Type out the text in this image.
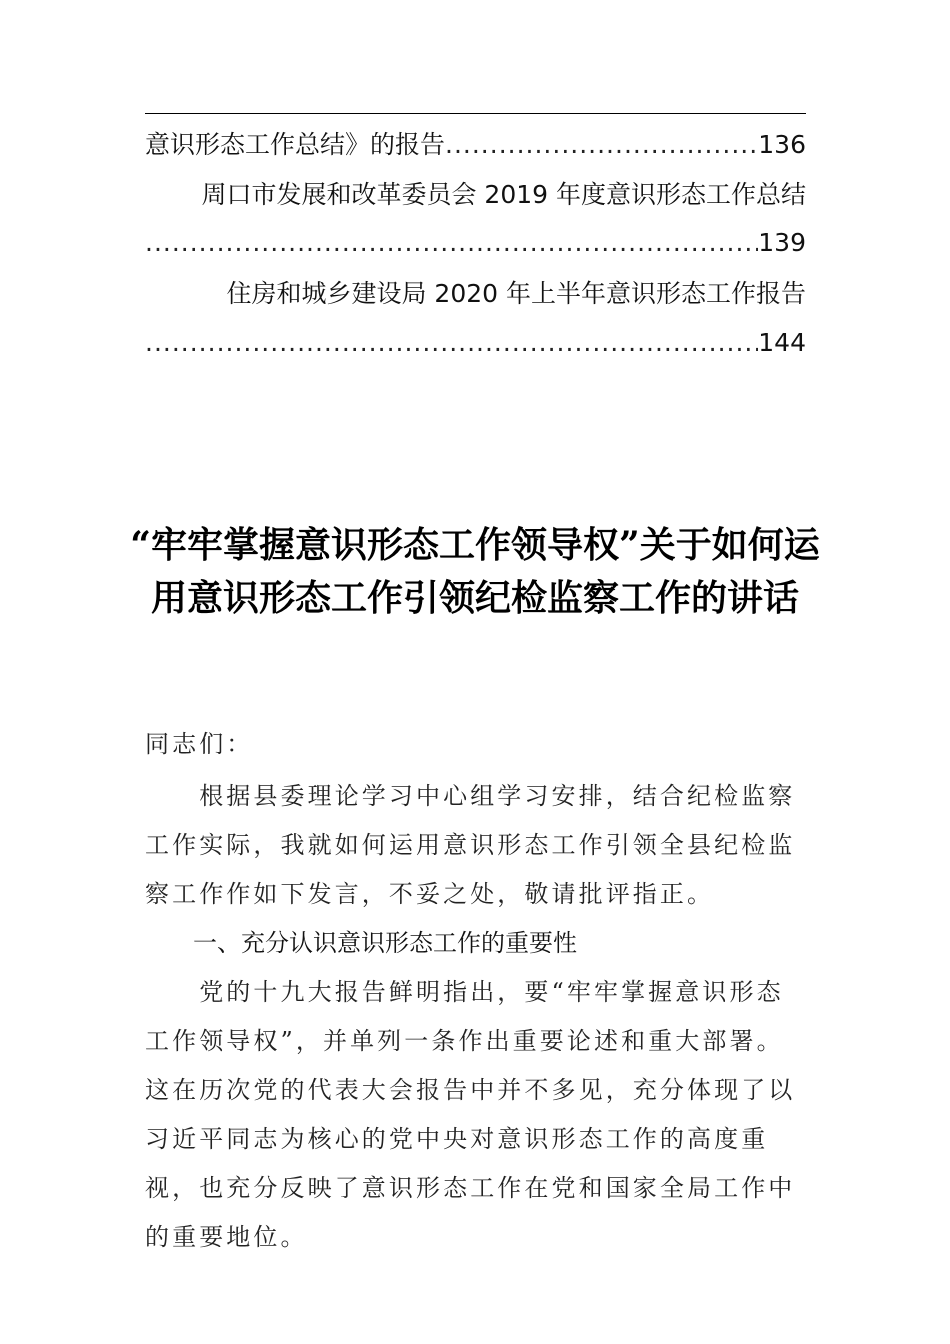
意识形态工作总结》的报告
.....	136
周口市发展和改革委员会 2019 年度意识形态工作总结
.....
139
住房和城乡建设局 2020 年上半年意识形态工作报告
.....
144
“牢牢掌握意识形态工作领导权”关于如何运用意识形态工作引领纪检监察工作的讲话
同志们：
　　根据县委理论学习中心组学习安排，结合纪检监察工作实际，我就如何运用意识形态工作引领全县纪检监察工作作如下发言，不妥之处，敬请批评指正。
一、充分认识意识形态工作的重要性
　　党的十九大报告鲜明指出，要“牢牢掌握意识形态工作领导权”，并单列一条作出重要论述和重大部署。这在历次党的代表大会报告中并不多见，充分体现了以习近平同志为核心的党中央对意识形态工作的高度重视，也充分反映了意识形态工作在党和国家全局工作中的重要地位。
